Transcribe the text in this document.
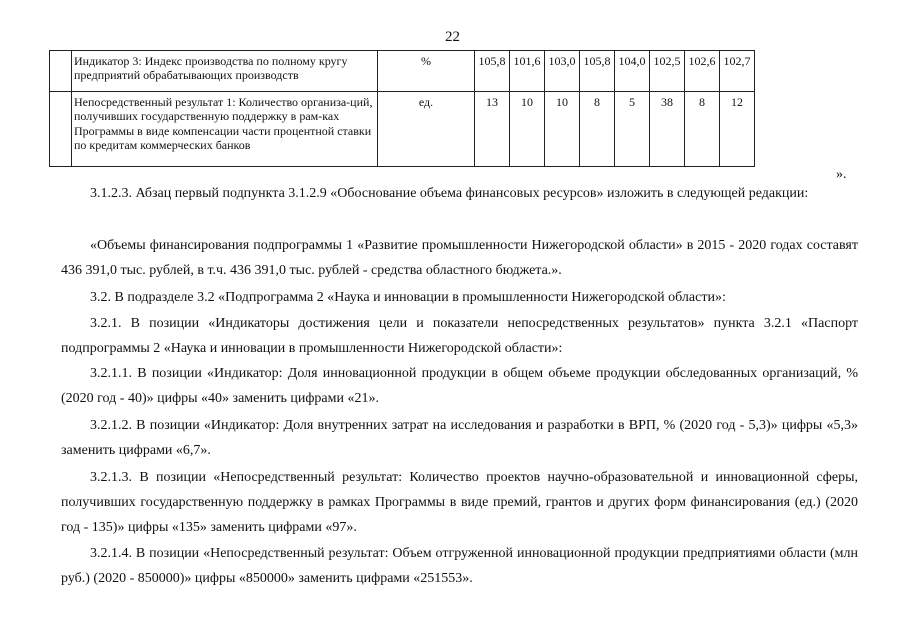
22
	Индикатор 3: Индекс производства по полному кругу предприятий обрабатывающих производств	%	105,8	101,6	103,0	105,8	104,0	102,5	102,6	102,7
	Непосредственный результат 1: Количество организа-ций, получивших государственную поддержку в рам-ках Программы в виде компенсации части процентной ставки по кредитам коммерческих банков	ед.	13	10	10	8	5	38	8	12
».
3.1.2.3. Абзац первый подпункта 3.1.2.9 «Обоснование объема финансовых ресурсов» изложить в следующей редакции:
«Объемы финансирования подпрограммы 1 «Развитие промышленности Нижегородской области» в 2015 - 2020 годах составят 436 391,0 тыс. рублей, в т.ч. 436 391,0 тыс. рублей - средства областного бюджета.».
3.2. В подразделе 3.2 «Подпрограмма 2 «Наука и инновации в промышленности Нижегородской области»:
3.2.1. В позиции «Индикаторы достижения цели и показатели непосредственных результатов» пункта 3.2.1 «Паспорт подпрограммы 2 «Наука и инновации в промышленности Нижегородской области»:
3.2.1.1. В позиции «Индикатор: Доля инновационной продукции в общем объеме продукции обследованных организаций, % (2020 год - 40)» цифры «40» заменить цифрами «21».
3.2.1.2. В позиции «Индикатор: Доля внутренних затрат на исследования и разработки в ВРП, % (2020 год - 5,3)» цифры «5,3» заменить цифрами «6,7».
3.2.1.3. В позиции «Непосредственный результат: Количество проектов научно-образовательной и инновационной сферы, получивших государственную поддержку в рамках Программы в виде премий, грантов и других форм финансирования (ед.) (2020 год - 135)» цифры «135» заменить цифрами «97».
3.2.1.4. В позиции «Непосредственный результат: Объем отгруженной инновационной продукции предприятиями области (млн руб.) (2020 - 850000)» цифры «850000» заменить цифрами «251553».
